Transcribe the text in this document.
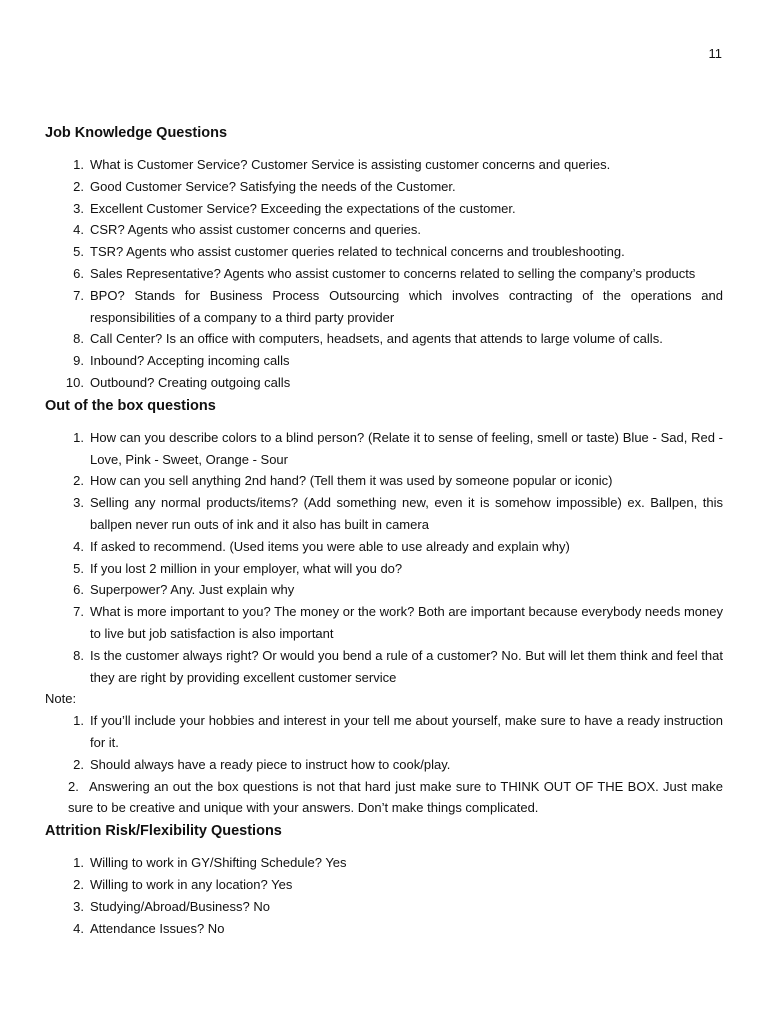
11
Job Knowledge Questions
1. What is Customer Service? Customer Service is assisting customer concerns and queries.
2. Good Customer Service? Satisfying the needs of the Customer.
3. Excellent Customer Service? Exceeding the expectations of the customer.
4. CSR? Agents who assist customer concerns and queries.
5. TSR? Agents who assist customer queries related to technical concerns and troubleshooting.
6. Sales Representative? Agents who assist customer to concerns related to selling the company’s products
7. BPO? Stands for Business Process Outsourcing which involves contracting of the operations and responsibilities of a company to a third party provider
8. Call Center? Is an office with computers, headsets, and agents that attends to large volume of calls.
9. Inbound? Accepting incoming calls
10. Outbound? Creating outgoing calls
Out of the box questions
1. How can you describe colors to a blind person? (Relate it to sense of feeling, smell or taste) Blue - Sad, Red - Love, Pink - Sweet, Orange - Sour
2. How can you sell anything 2nd hand? (Tell them it was used by someone popular or iconic)
3. Selling any normal products/items? (Add something new, even it is somehow impossible) ex. Ballpen, this ballpen never run outs of ink and it also has built in camera
4. If asked to recommend. (Used items you were able to use already and explain why)
5. If you lost 2 million in your employer, what will you do?
6. Superpower? Any. Just explain why
7. What is more important to you? The money or the work? Both are important because everybody needs money to live but job satisfaction is also important
8. Is the customer always right? Or would you bend a rule of a customer? No. But will let them think and feel that they are right by providing excellent customer service
Note:
1. If you’ll include your hobbies and interest in your tell me about yourself, make sure to have a ready instruction for it.
2. Should always have a ready piece to instruct how to cook/play.
2. Answering an out the box questions is not that hard just make sure to THINK OUT OF THE BOX. Just make sure to be creative and unique with your answers. Don’t make things complicated.
Attrition Risk/Flexibility Questions
1. Willing to work in GY/Shifting Schedule? Yes
2. Willing to work in any location? Yes
3. Studying/Abroad/Business? No
4. Attendance Issues? No
